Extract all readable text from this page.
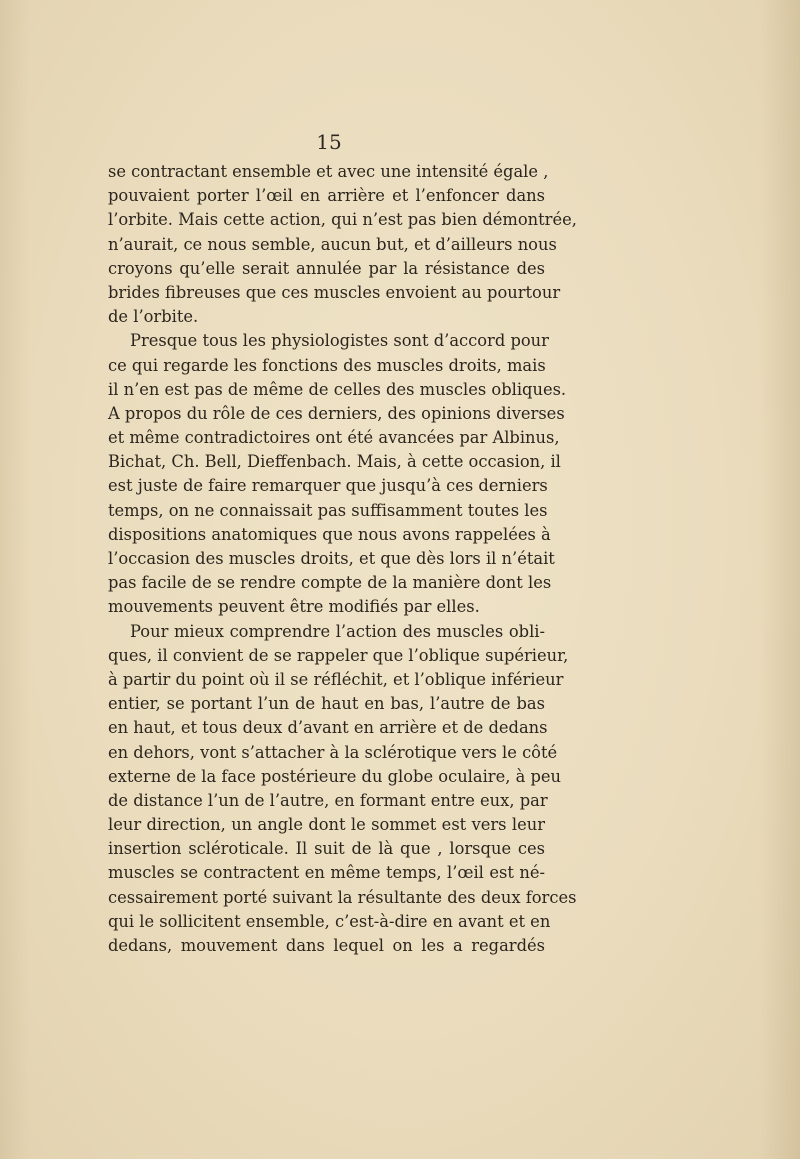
15
se contractant ensemble et avec une intensité égale ,
pouvaient porter l’œil en arrière et l’enfoncer dans
l’orbite. Mais cette action, qui n’est pas bien démontrée,
n’aurait, ce nous semble, aucun but, et d’ailleurs nous
croyons qu’elle serait annulée par la résistance des
brides fibreuses que ces muscles envoient au pourtour
de l’orbite.
Presque tous les physiologistes sont d’accord pour
ce qui regarde les fonctions des muscles droits, mais
il n’en est pas de même de celles des muscles obliques.
A propos du rôle de ces derniers, des opinions diverses
et même contradictoires ont été avancées par Albinus,
Bichat, Ch. Bell, Dieffenbach. Mais, à cette occasion, il
est juste de faire remarquer que jusqu’à ces derniers
temps, on ne connaissait pas suffisamment toutes les
dispositions anatomiques que nous avons rappelées à
l’occasion des muscles droits, et que dès lors il n’était
pas facile de se rendre compte de la manière dont les
mouvements peuvent être modifiés par elles.
Pour mieux comprendre l’action des muscles obli-
ques, il convient de se rappeler que l’oblique supérieur,
à partir du point où il se réfléchit, et l’oblique inférieur
entier, se portant l’un de haut en bas, l’autre de bas
en haut, et tous deux d’avant en arrière et de dedans
en dehors, vont s’attacher à la sclérotique vers le côté
externe de la face postérieure du globe oculaire, à peu
de distance l’un de l’autre, en formant entre eux, par
leur direction, un angle dont le sommet est vers leur
insertion scléroticale. Il suit de là que , lorsque ces
muscles se contractent en même temps, l’œil est né-
cessairement porté suivant la résultante des deux forces
qui le sollicitent ensemble, c’est-à-dire en avant et en
dedans, mouvement dans lequel on les a regardés
